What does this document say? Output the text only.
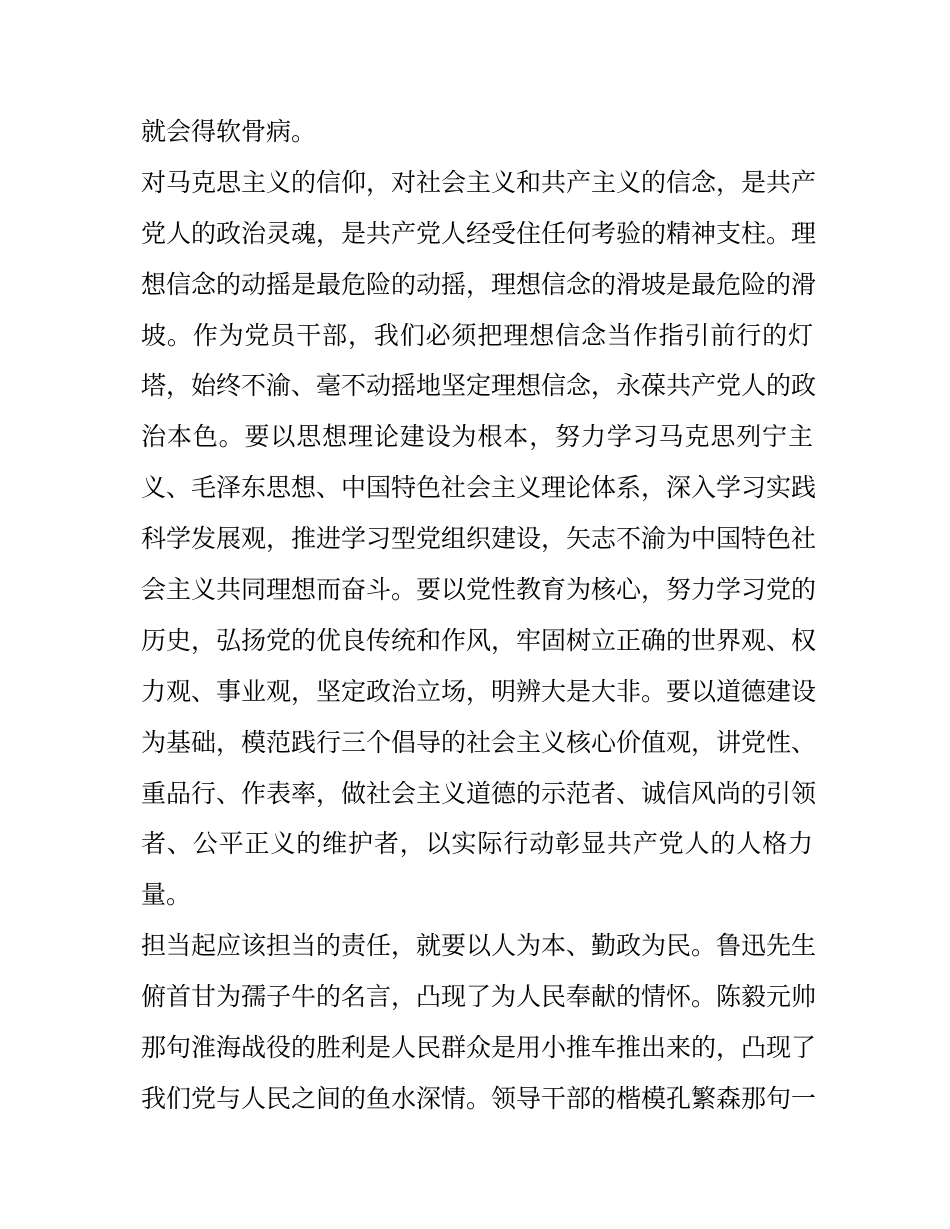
就会得软骨病。
对马克思主义的信仰，对社会主义和共产主义的信念，是共产
党人的政治灵魂，是共产党人经受住任何考验的精神支柱。理
想信念的动摇是最危险的动摇，理想信念的滑坡是最危险的滑
坡。作为党员干部，我们必须把理想信念当作指引前行的灯
塔，始终不渝、毫不动摇地坚定理想信念，永葆共产党人的政
治本色。要以思想理论建设为根本，努力学习马克思列宁主
义、毛泽东思想、中国特色社会主义理论体系，深入学习实践
科学发展观，推进学习型党组织建设，矢志不渝为中国特色社
会主义共同理想而奋斗。要以党性教育为核心，努力学习党的
历史，弘扬党的优良传统和作风，牢固树立正确的世界观、权
力观、事业观，坚定政治立场，明辨大是大非。要以道德建设
为基础，模范践行三个倡导的社会主义核心价值观，讲党性、
重品行、作表率，做社会主义道德的示范者、诚信风尚的引领
者、公平正义的维护者，以实际行动彰显共产党人的人格力
量。
担当起应该担当的责任，就要以人为本、勤政为民。鲁迅先生
俯首甘为孺子牛的名言，凸现了为人民奉献的情怀。陈毅元帅
那句淮海战役的胜利是人民群众是用小推车推出来的，凸现了
我们党与人民之间的鱼水深情。领导干部的楷模孔繁森那句一
